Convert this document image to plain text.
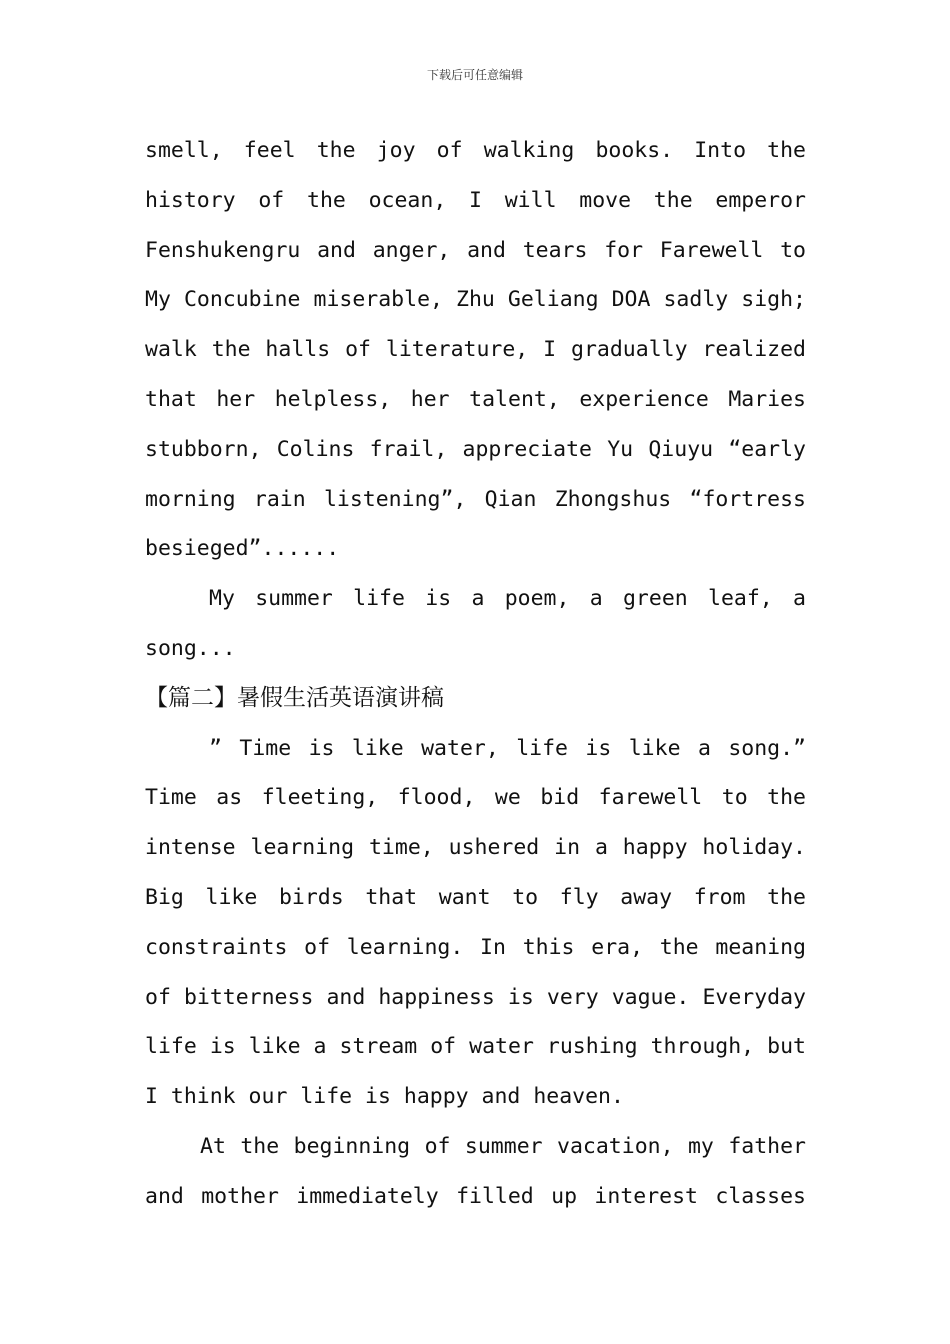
下载后可任意编辑
smell, feel the joy of walking books. Into the
history of the ocean, I will move the emperor
Fenshukengru and anger, and tears for Farewell to
My Concubine miserable, Zhu Geliang DOA sadly sigh;
walk the halls of literature, I gradually realized
that her helpless, her talent, experience Maries
stubborn, Colins frail, appreciate Yu Qiuyu “early
morning rain listening”, Qian Zhongshus “fortress
besieged”......
My summer life is a poem, a green leaf, a
song...
【篇二】暑假生活英语演讲稿
” Time is like water, life is like a song.”
Time as fleeting, flood, we bid farewell to the
intense learning time, ushered in a happy holiday.
Big like birds that want to fly away from the
constraints of learning. In this era, the meaning
of bitterness and happiness is very vague. Everyday
life is like a stream of water rushing through, but
I think our life is happy and heaven.
At the beginning of summer vacation, my father
and mother immediately filled up interest classes
